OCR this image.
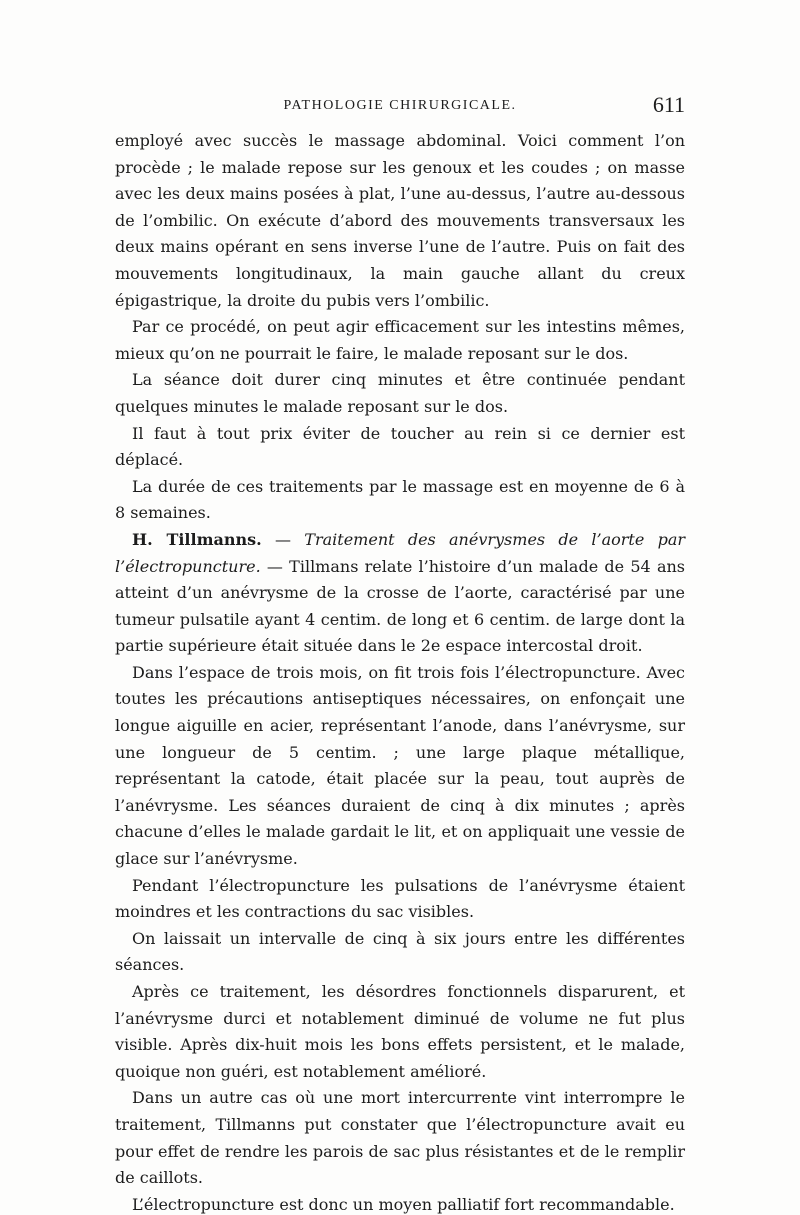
PATHOLOGIE CHIRURGICALE.	611

employé avec succès le massage abdominal. Voici comment l’on procède ; le malade repose sur les genoux et les coudes ; on masse avec les deux mains posées à plat, l’une au-dessus, l’autre au-dessous de l’ombilic. On exécute d’abord des mouvements transversaux les deux mains opérant en sens inverse l’une de l’autre. Puis on fait des mouvements longitudinaux, la main gauche allant du creux épigastrique, la droite du pubis vers l’ombilic.

Par ce procédé, on peut agir efficacement sur les intestins mêmes, mieux qu’on ne pourrait le faire, le malade reposant sur le dos.

La séance doit durer cinq minutes et être continuée pendant quelques minutes le malade reposant sur le dos.

Il faut à tout prix éviter de toucher au rein si ce dernier est déplacé.

La durée de ces traitements par le massage est en moyenne de 6 à 8 semaines.

H. Tillmanns. — Traitement des anévrysmes de l’aorte par l’électropuncture. — Tillmans relate l’histoire d’un malade de 54 ans atteint d’un anévrysme de la crosse de l’aorte, caractérisé par une tumeur pulsatile ayant 4 centim. de long et 6 centim. de large dont la partie supérieure était située dans le 2e espace intercostal droit.

Dans l’espace de trois mois, on fit trois fois l’électropuncture. Avec toutes les précautions antiseptiques nécessaires, on enfonçait une longue aiguille en acier, représentant l’anode, dans l’anévrysme, sur une longueur de 5 centim. ; une large plaque métallique, représentant la catode, était placée sur la peau, tout auprès de l’anévrysme. Les séances duraient de cinq à dix minutes ; après chacune d’elles le malade gardait le lit, et on appliquait une vessie de glace sur l’anévrysme.

Pendant l’électropuncture les pulsations de l’anévrysme étaient moindres et les contractions du sac visibles.

On laissait un intervalle de cinq à six jours entre les différentes séances.

Après ce traitement, les désordres fonctionnels disparurent, et l’anévrysme durci et notablement diminué de volume ne fut plus visible. Après dix-huit mois les bons effets persistent, et le malade, quoique non guéri, est notablement amélioré.

Dans un autre cas où une mort intercurrente vint interrompre le traitement, Tillmanns put constater que l’électropuncture avait eu pour effet de rendre les parois de sac plus résistantes et de le remplir de caillots.

L’électropuncture est donc un moyen palliatif fort recommandable.
